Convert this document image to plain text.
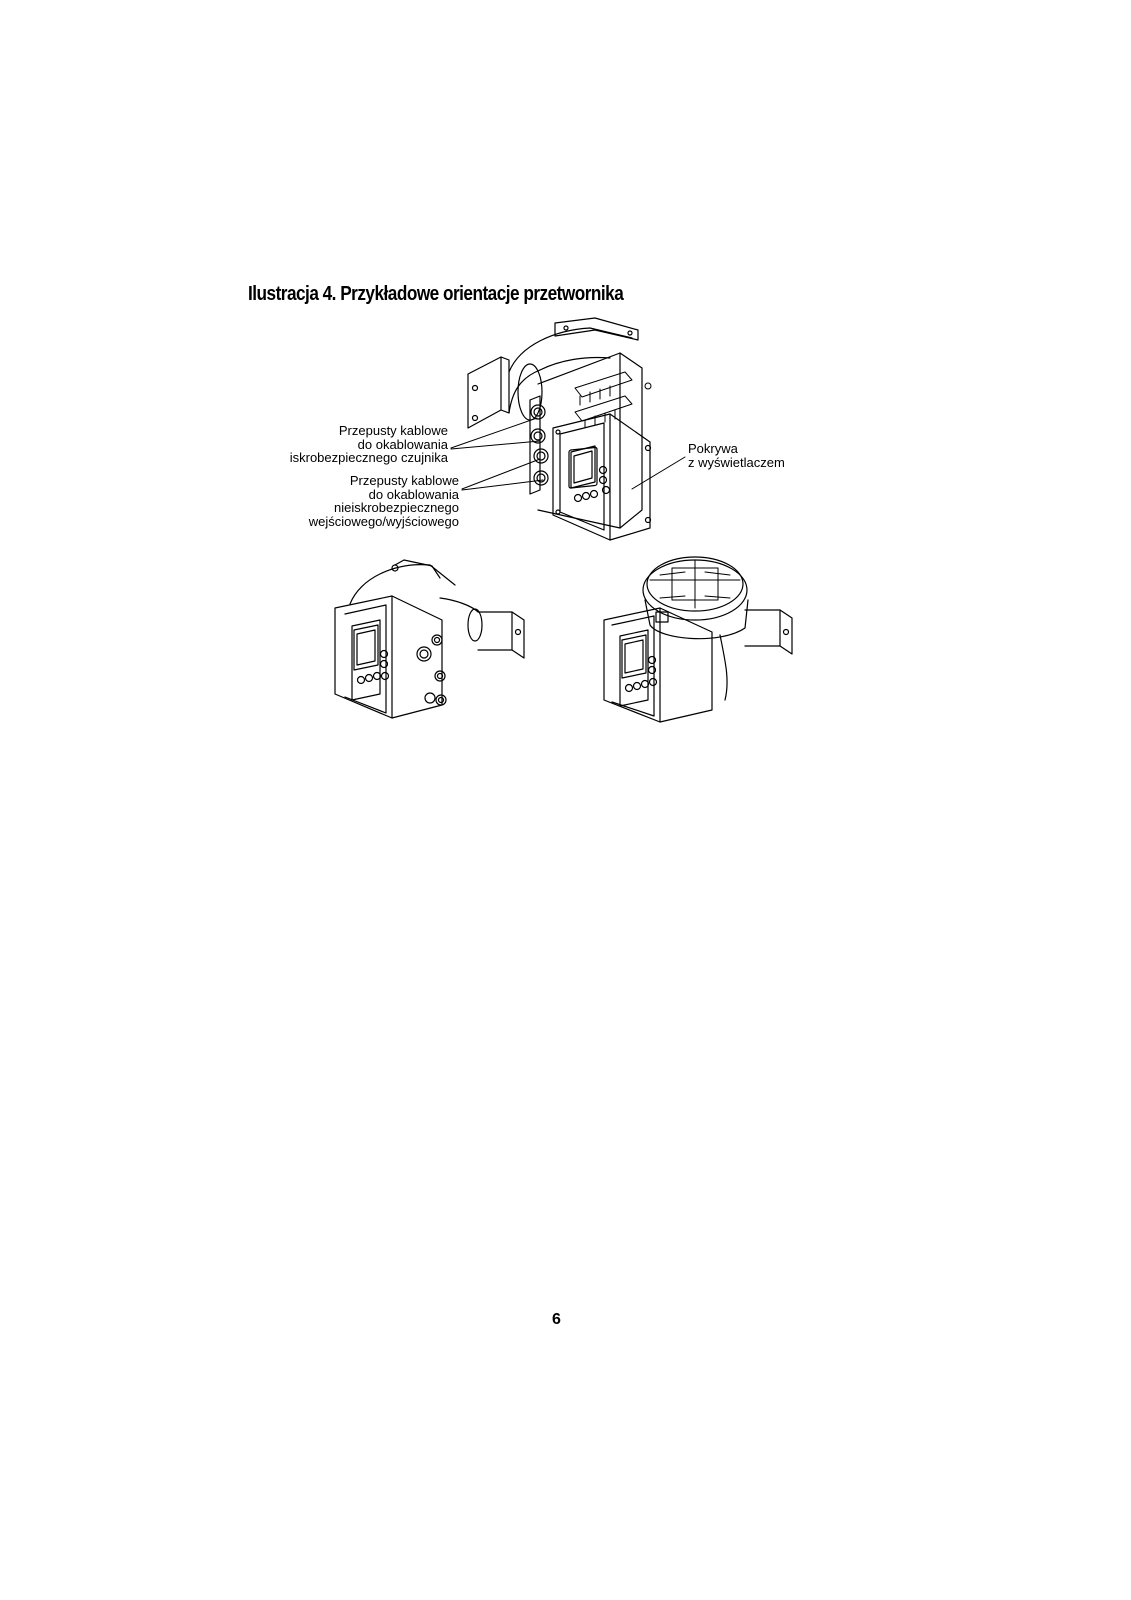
Ilustracja 4. Przykładowe orientacje przetwornika
Przepusty kablowe
do okablowania
iskrobezpiecznego czujnika
Przepusty kablowe
do okablowania
nieiskrobezpiecznego
wejściowego/wyjściowego
Pokrywa
z wyświetlaczem
6
